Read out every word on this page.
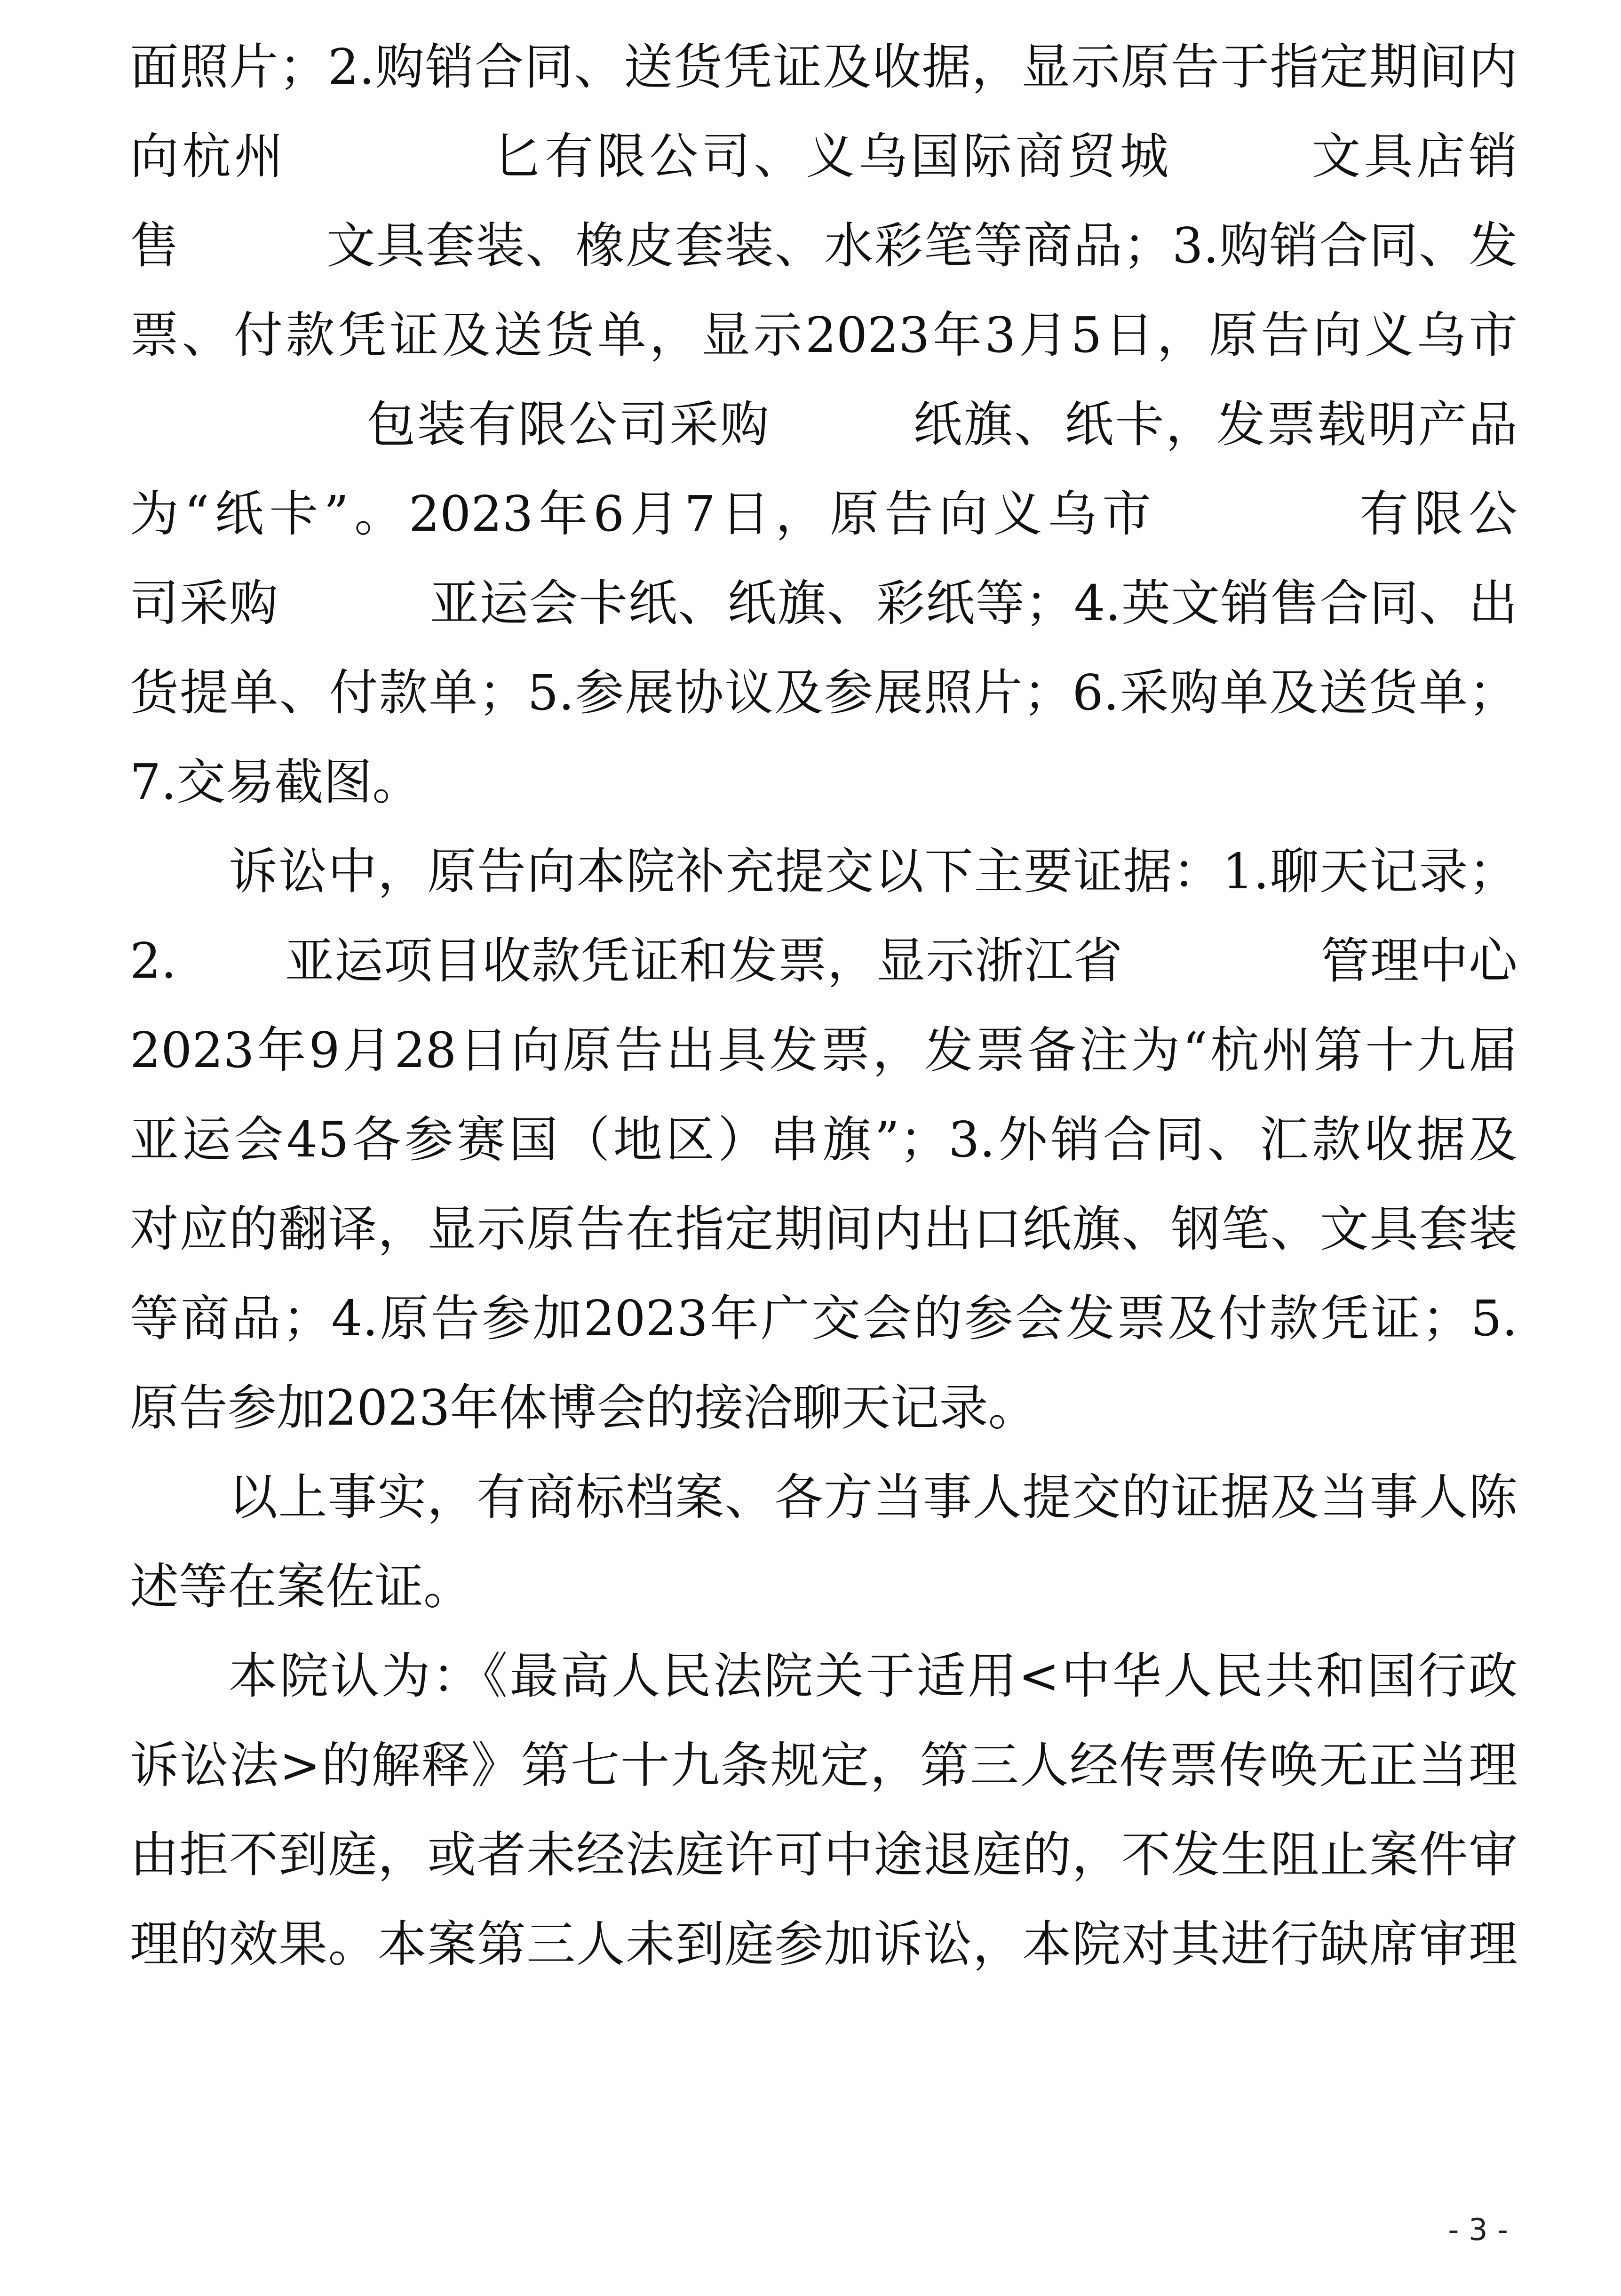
面照片；2.购销合同、送货凭证及收据，显示原告于指定期间内
向杭州	匕有限公司、义乌国际商贸城	文具店销
售	文具套装、橡皮套装、水彩笔等商品；3.购销合同、发
票、付款凭证及送货单，显示2023年3月5日，原告向义乌市
包装有限公司采购	纸旗、纸卡，发票载明产品
为“纸卡”。2023年6月7日，原告向义乌市	有限公
司采购	亚运会卡纸、纸旗、彩纸等；4.英文销售合同、出
货提单、付款单；5.参展协议及参展照片；6.采购单及送货单；
7.交易截图。
诉讼中，原告向本院补充提交以下主要证据：1.聊天记录；
2. 亚运项目收款凭证和发票，显示浙江省	管理中心
2023年9月28日向原告出具发票，发票备注为“杭州第十九届
亚运会45各参赛国（地区）串旗”；3.外销合同、汇款收据及
对应的翻译，显示原告在指定期间内出口纸旗、钢笔、文具套装
等商品；4.原告参加2023年广交会的参会发票及付款凭证；5.
原告参加2023年体博会的接洽聊天记录。
以上事实，有商标档案、各方当事人提交的证据及当事人陈
述等在案佐证。
本院认为：《最高人民法院关于适用<中华人民共和国行政
诉讼法>的解释》第七十九条规定，第三人经传票传唤无正当理
由拒不到庭，或者未经法庭许可中途退庭的，不发生阻止案件审
理的效果。本案第三人未到庭参加诉讼，本院对其进行缺席审理
- 3 -
